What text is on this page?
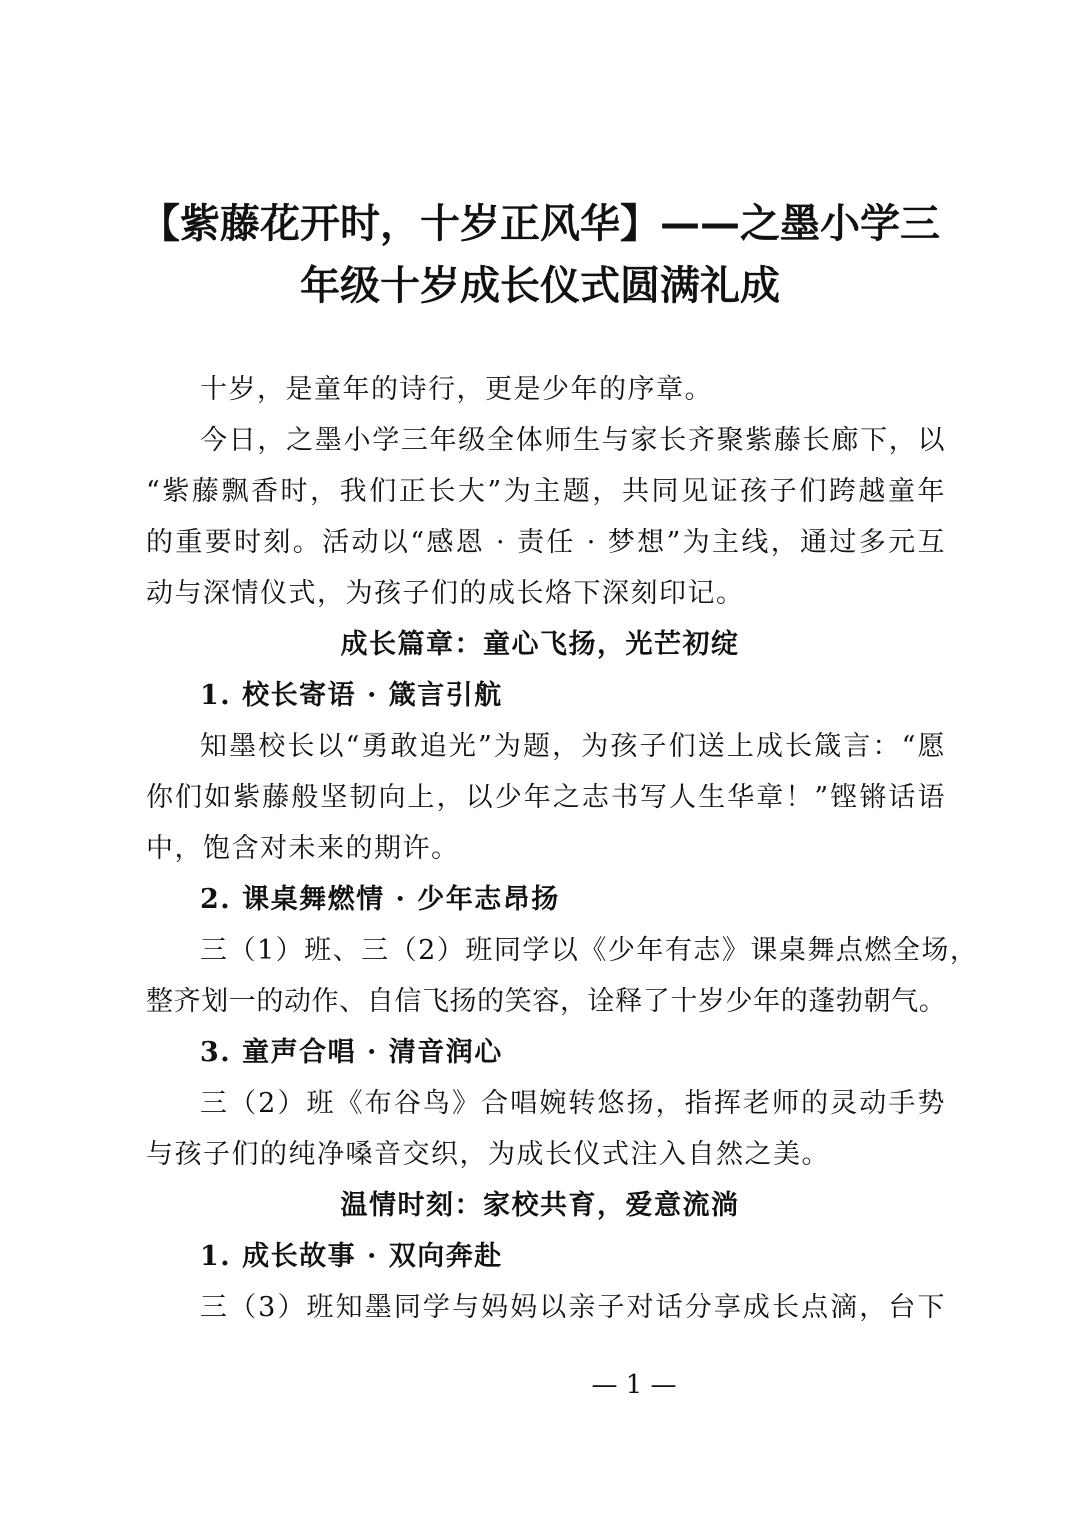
【紫藤花开时，十岁正风华】——之墨小学三
年级十岁成长仪式圆满礼成
十岁，是童年的诗行，更是少年的序章。
今日，之墨小学三年级全体师生与家长齐聚紫藤长廊下，以
“紫藤飘香时，我们正长大”为主题，共同见证孩子们跨越童年
的重要时刻。活动以“感恩 · 责任 · 梦想”为主线，通过多元互
动与深情仪式，为孩子们的成长烙下深刻印记。
成长篇章：童心飞扬，光芒初绽
1. 校长寄语 · 箴言引航
知墨校长以“勇敢追光”为题，为孩子们送上成长箴言：“愿
你们如紫藤般坚韧向上，以少年之志书写人生华章！”铿锵话语
中，饱含对未来的期许。
2. 课桌舞燃情 · 少年志昂扬
三（1）班、三（2）班同学以《少年有志》课桌舞点燃全场，
整齐划一的动作、自信飞扬的笑容，诠释了十岁少年的蓬勃朝气。
3. 童声合唱 · 清音润心
三（2）班《布谷鸟》合唱婉转悠扬，指挥老师的灵动手势
与孩子们的纯净嗓音交织，为成长仪式注入自然之美。
温情时刻：家校共育，爱意流淌
1. 成长故事 · 双向奔赴
三（3）班知墨同学与妈妈以亲子对话分享成长点滴，台下
— 1 —
